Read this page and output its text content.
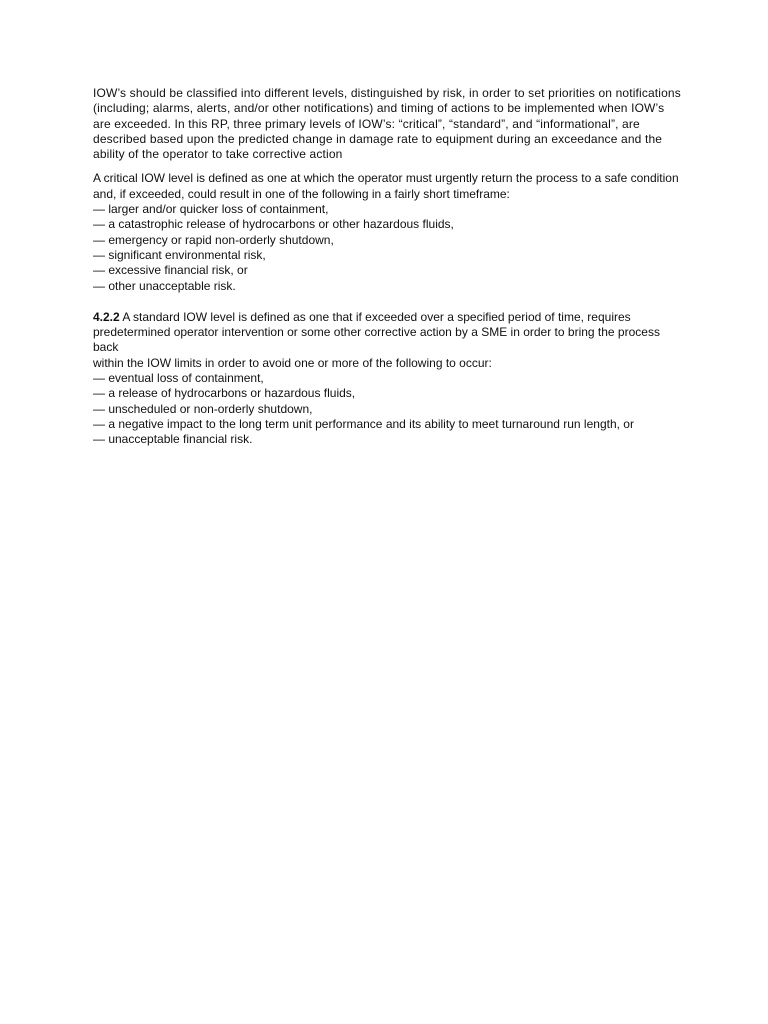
IOW’s should be classified into different levels, distinguished by risk, in order to set priorities on notifications (including; alarms, alerts, and/or other notifications) and timing of actions to be implemented when IOW’s are exceeded. In this RP, three primary levels of IOW’s: “critical”, “standard”, and “informational”, are described based upon the predicted change in damage rate to equipment during an exceedance and the ability of the operator to take corrective action

A critical IOW level is defined as one at which the operator must urgently return the process to a safe condition
and, if exceeded, could result in one of the following in a fairly short timeframe:
— larger and/or quicker loss of containment,
— a catastrophic release of hydrocarbons or other hazardous fluids,
— emergency or rapid non-orderly shutdown,
— significant environmental risk,
— excessive financial risk, or
— other unacceptable risk.
4.2.2 A standard IOW level is defined as one that if exceeded over a specified period of time, requires predetermined operator intervention or some other corrective action by a SME in order to bring the process back
within the IOW limits in order to avoid one or more of the following to occur:
— eventual loss of containment,
— a release of hydrocarbons or hazardous fluids,
— unscheduled or non-orderly shutdown,
— a negative impact to the long term unit performance and its ability to meet turnaround run length, or
— unacceptable financial risk.
